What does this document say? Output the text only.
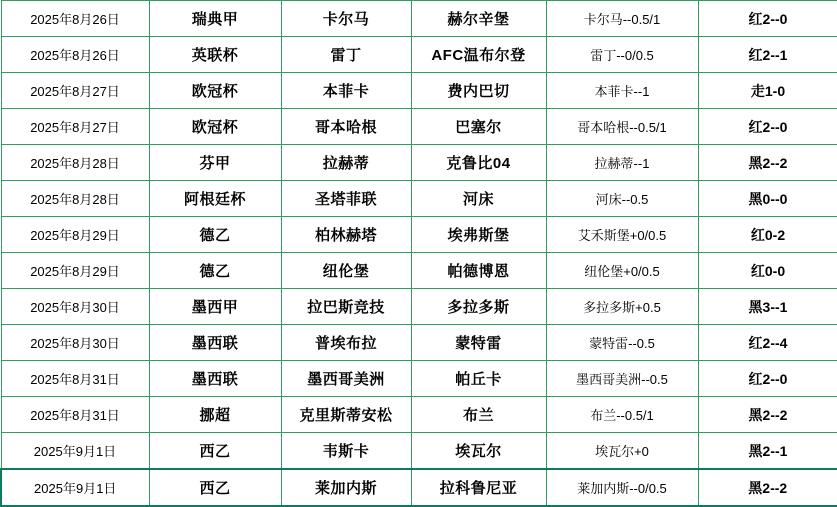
2025年8月26日	瑞典甲	卡尔马	赫尔辛堡	卡尔马--0.5/1	红2--0
2025年8月26日	英联杯	雷丁	AFC温布尔登	雷丁--0/0.5	红2--1
2025年8月27日	欧冠杯	本菲卡	费内巴切	本菲卡--1	走1-0
2025年8月27日	欧冠杯	哥本哈根	巴塞尔	哥本哈根--0.5/1	红2--0
2025年8月28日	芬甲	拉赫蒂	克鲁比04	拉赫蒂--1	黑2--2
2025年8月28日	阿根廷杯	圣塔菲联	河床	河床--0.5	黑0--0
2025年8月29日	德乙	柏林赫塔	埃弗斯堡	艾禾斯堡+0/0.5	红0-2
2025年8月29日	德乙	纽伦堡	帕德博恩	纽伦堡+0/0.5	红0-0
2025年8月30日	墨西甲	拉巴斯竞技	多拉多斯	多拉多斯+0.5	黑3--1
2025年8月30日	墨西联	普埃布拉	蒙特雷	蒙特雷--0.5	红2--4
2025年8月31日	墨西联	墨西哥美洲	帕丘卡	墨西哥美洲--0.5	红2--0
2025年8月31日	挪超	克里斯蒂安松	布兰	布兰--0.5/1	黑2--2
2025年9月1日	西乙	韦斯卡	埃瓦尔	埃瓦尔+0	黑2--1
2025年9月1日	西乙	莱加内斯	拉科鲁尼亚	莱加内斯--0/0.5	黑2--2
